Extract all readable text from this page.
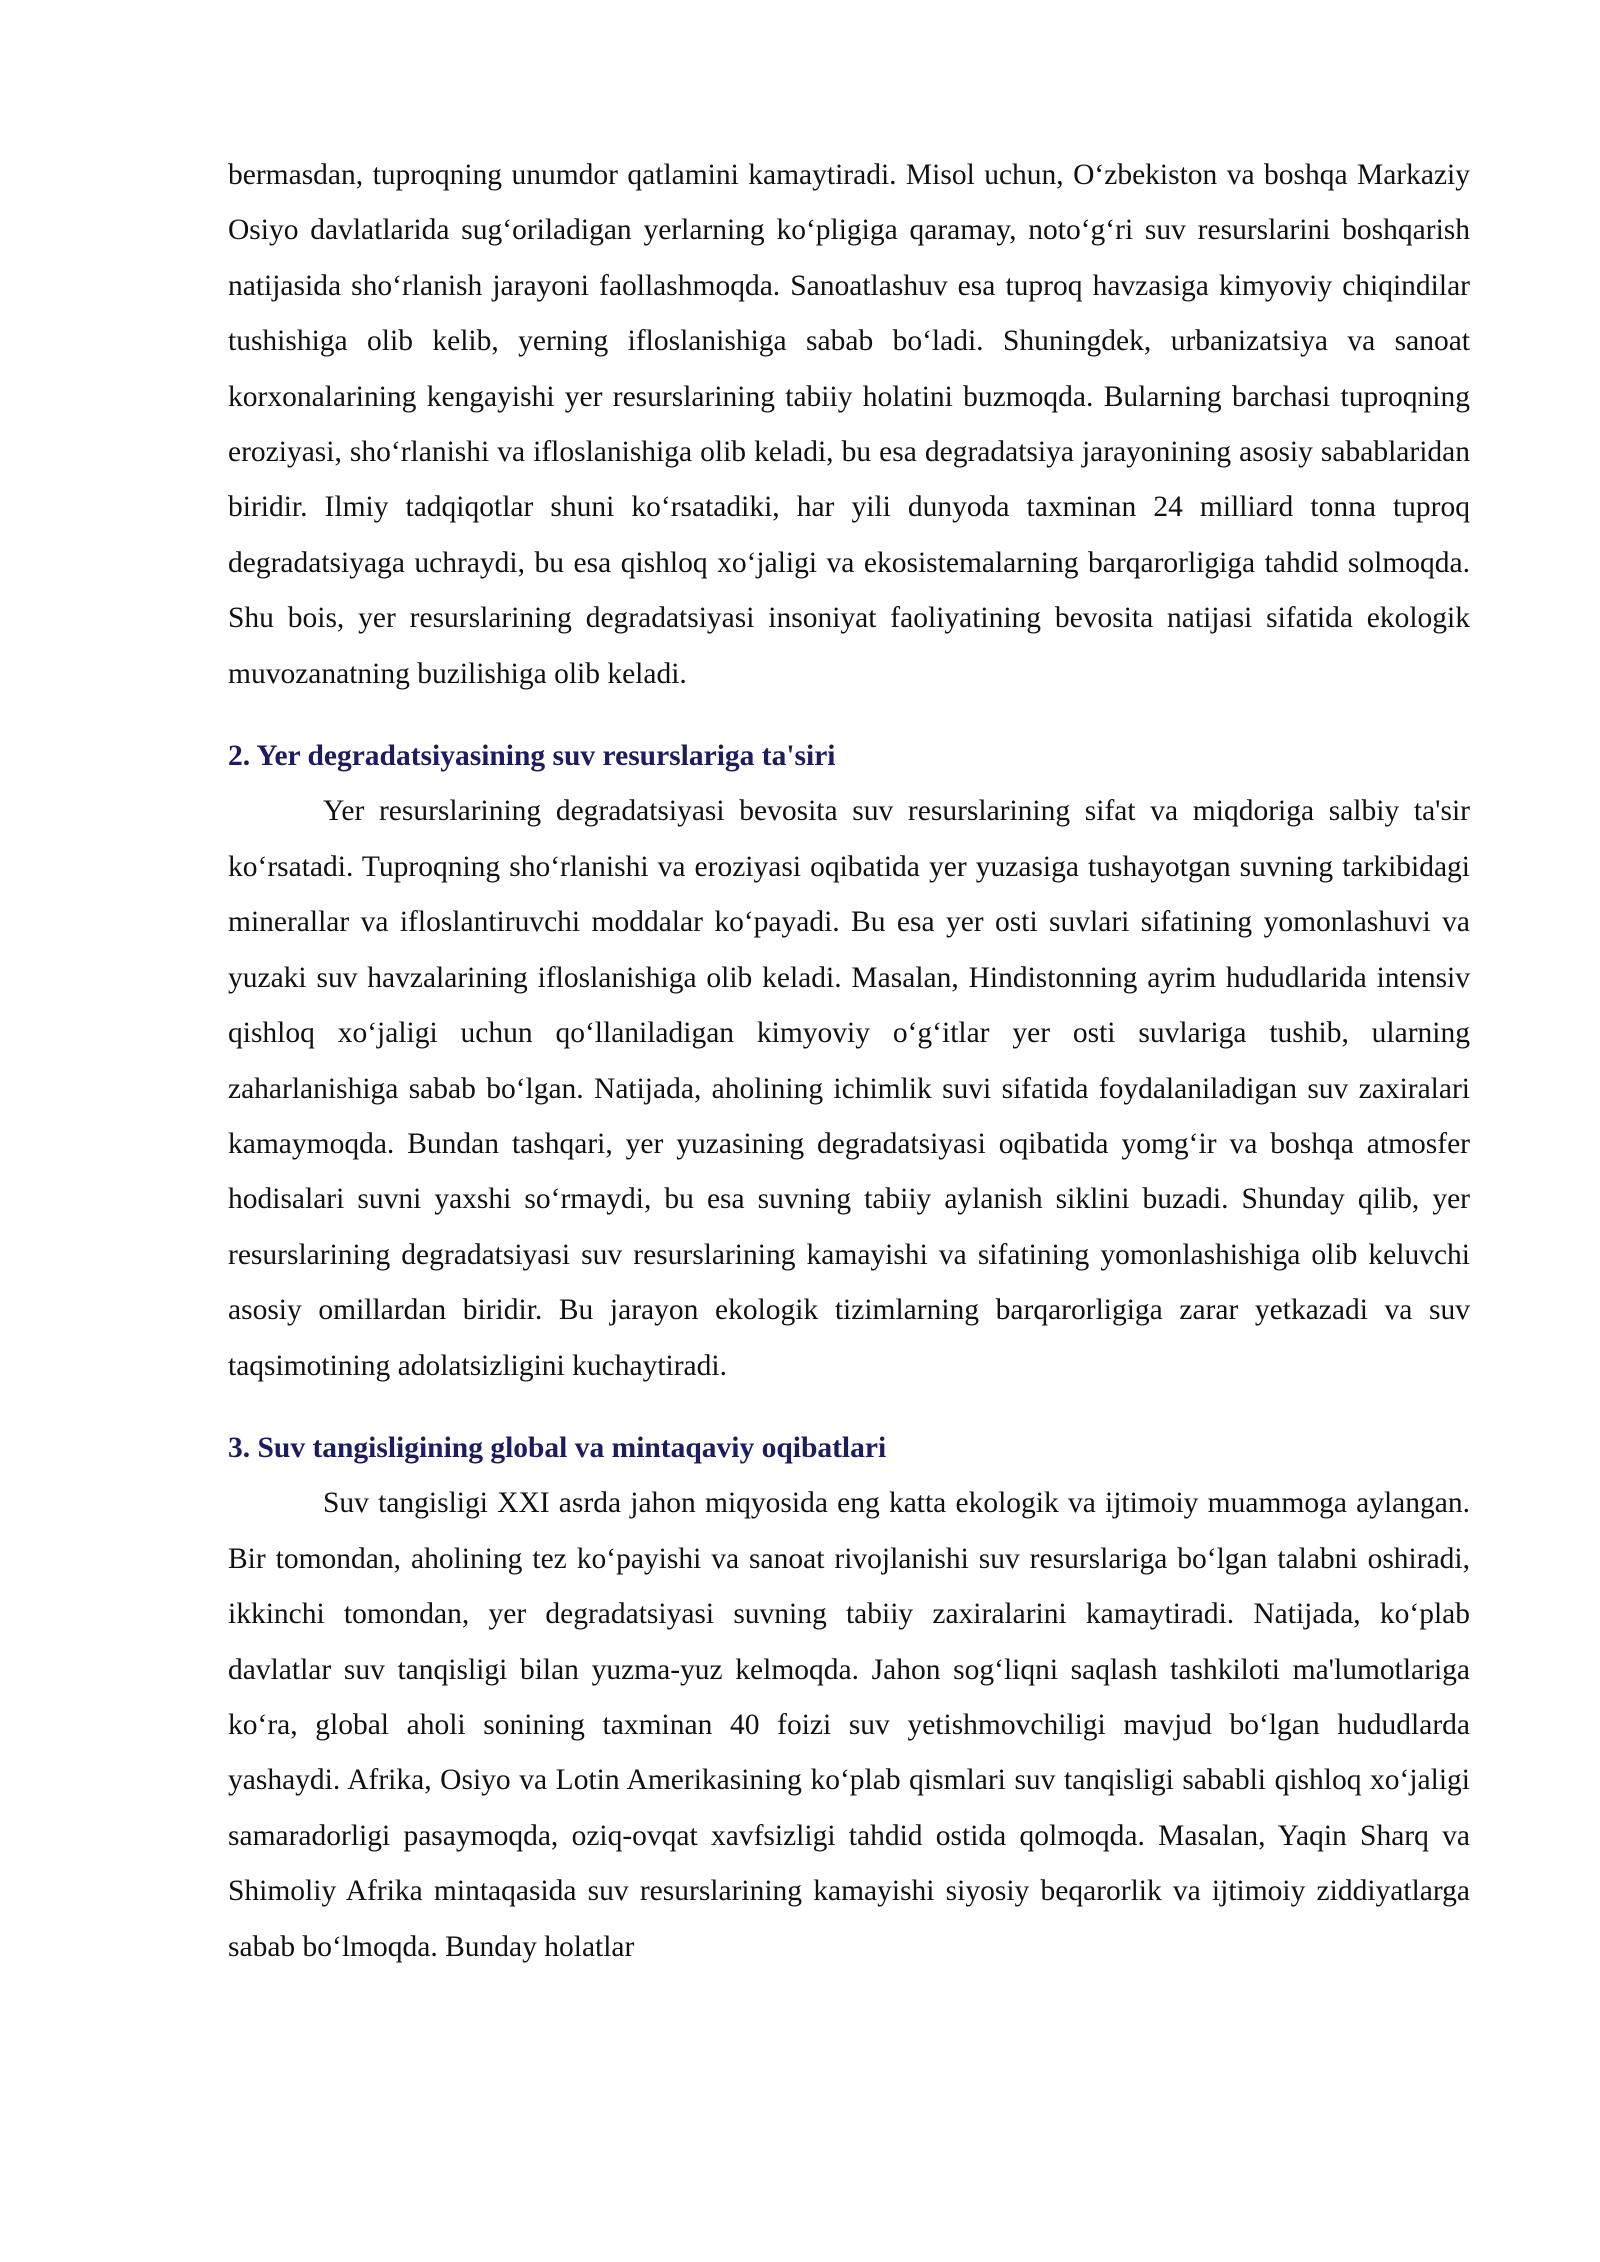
bermasdan, tuproqning unumdor qatlamini kamaytiradi. Misol uchun, O‘zbekiston va boshqa Markaziy Osiyo davlatlarida sug‘oriladigan yerlarning ko‘pligiga qaramay, noto‘g‘ri suv resurslarini boshqarish natijasida sho‘rlanish jarayoni faollashmoqda. Sanoatlashuv esa tuproq havzasiga kimyoviy chiqindilar tushishiga olib kelib, yerning ifloslanishiga sabab bo‘ladi. Shuningdek, urbanizatsiya va sanoat korxonalarining kengayishi yer resurslarining tabiiy holatini buzmoqda. Bularning barchasi tuproqning eroziyasi, sho‘rlanishi va ifloslanishiga olib keladi, bu esa degradatsiya jarayonining asosiy sabablaridan biridir. Ilmiy tadqiqotlar shuni ko‘rsatadiki, har yili dunyoda taxminan 24 milliard tonna tuproq degradatsiyaga uchraydi, bu esa qishloq xo‘jaligi va ekosistemalarning barqarorligiga tahdid solmoqda. Shu bois, yer resurslarining degradatsiyasi insoniyat faoliyatining bevosita natijasi sifatida ekologik muvozanatning buzilishiga olib keladi.

2. Yer degradatsiyasining suv resurslariga ta'siri

Yer resurslarining degradatsiyasi bevosita suv resurslarining sifat va miqdoriga salbiy ta'sir ko‘rsatadi. Tuproqning sho‘rlanishi va eroziyasi oqibatida yer yuzasiga tushayotgan suvning tarkibidagi minerallar va ifloslantiruvchi moddalar ko‘payadi. Bu esa yer osti suvlari sifatining yomonlashuvi va yuzaki suv havzalarining ifloslanishiga olib keladi. Masalan, Hindistonning ayrim hududlarida intensiv qishloq xo‘jaligi uchun qo‘llaniladigan kimyoviy o‘g‘itlar yer osti suvlariga tushib, ularning zaharlanishiga sabab bo‘lgan. Natijada, aholining ichimlik suvi sifatida foydalaniladigan suv zaxiralari kamaymoqda. Bundan tashqari, yer yuzasining degradatsiyasi oqibatida yomg‘ir va boshqa atmosfer hodisalari suvni yaxshi so‘rmaydi, bu esa suvning tabiiy aylanish siklini buzadi. Shunday qilib, yer resurslarining degradatsiyasi suv resurslarining kamayishi va sifatining yomonlashishiga olib keluvchi asosiy omillardan biridir. Bu jarayon ekologik tizimlarning barqarorligiga zarar yetkazadi va suv taqsimotining adolatsizligini kuchaytiradi.

3. Suv tangisligining global va mintaqaviy oqibatlari

Suv tangisligi XXI asrda jahon miqyosida eng katta ekologik va ijtimoiy muammoga aylangan. Bir tomondan, aholining tez ko‘payishi va sanoat rivojlanishi suv resurslariga bo‘lgan talabni oshiradi, ikkinchi tomondan, yer degradatsiyasi suvning tabiiy zaxiralarini kamaytiradi. Natijada, ko‘plab davlatlar suv tanqisligi bilan yuzma-yuz kelmoqda. Jahon sog‘liqni saqlash tashkiloti ma'lumotlariga ko‘ra, global aholi sonining taxminan 40 foizi suv yetishmovchiligi mavjud bo‘lgan hududlarda yashaydi. Afrika, Osiyo va Lotin Amerikasining ko‘plab qismlari suv tanqisligi sababli qishloq xo‘jaligi samaradorligi pasaymoqda, oziq-ovqat xavfsizligi tahdid ostida qolmoqda. Masalan, Yaqin Sharq va Shimoliy Afrika mintaqasida suv resurslarining kamayishi siyosiy beqarorlik va ijtimoiy ziddiyatlarga sabab bo‘lmoqda. Bunday holatlar
